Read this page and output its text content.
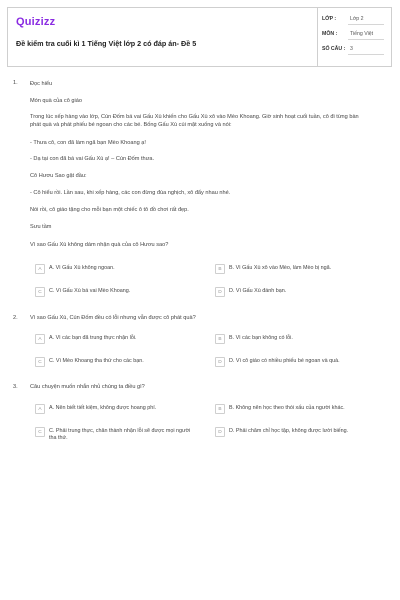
Quizizz
Đề kiểm tra cuối kì 1 Tiếng Việt lớp 2 có đáp án- Đề 5
LỚP :	Lớp 2
MÔN : Tiếng Việt
SỐ CÂU : 3
1. Đọc hiểu
Món quà của cô giáo
Trong lúc xếp hàng vào lớp, Cún Đốm bá vai Gấu Xù khiến cho Gấu Xù xô vào Mèo Khoang. Giờ sinh hoạt cuối tuần, cô đi từng bàn phát quà và phát phiếu bé ngoan cho các bé. Bống Gấu Xù cúi mặt xuống và nói:
- Thưa cô, con đã làm ngã bạn Mèo Khoang ạ!
- Dạ tại con đã bá vai Gấu Xù ạ! – Cún Đốm thưa.
Cô Hươu Sao gật đầu:
- Cô hiểu rồi. Lần sau, khi xếp hàng, các con đừng đùa nghịch, xô đẩy nhau nhé.
Nói rồi, cô giáo tặng cho mỗi bạn một chiếc ô tô đồ chơi rất đẹp.
Sưu tầm
Vì sao Gấu Xù không dám nhận quà của cô Hươu sao?
A	A. Vì Gấu Xù không ngoan.	B	B. Vì Gấu Xù xô vào Mèo, làm Mèo bị ngã.
C	C. Vì Gấu Xù bá vai Mèo Khoang.	D	D. Vì Gấu Xù đánh bạn.
2. Vì sao Gấu Xù, Cún Đốm đều có lỗi nhưng vẫn được cô phát quà?
A	A. Vì các bạn đã trung thực nhận lỗi.	B	B. Vì các bạn không có lỗi.
C	C. Vì Mèo Khoang tha thứ cho các bạn.	D	D. Vì cô giáo có nhiều phiếu bé ngoan và quà.
3. Câu chuyện muốn nhắn nhủ chúng ta điều gì?
A	A. Nên biết tiết kiệm, không được hoang phí.	B	B. Không nên học theo thói xấu của người khác.
C	C. Phải trung thực, chân thành nhận lỗi sẽ được mọi người tha thứ.
D	D. Phải chăm chỉ học tập, không được lười biếng.
